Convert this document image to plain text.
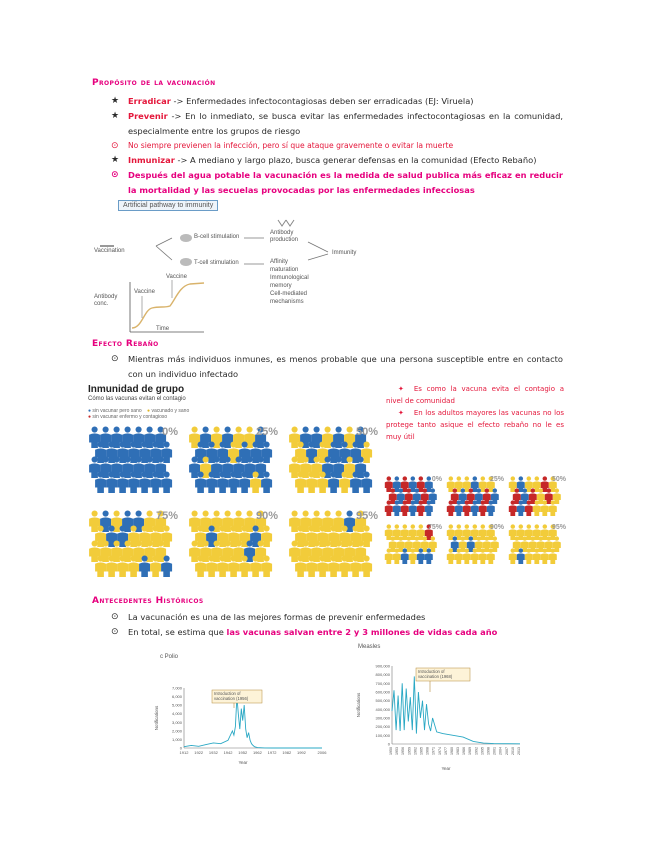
Propósito de la vacunación
★	Erradicar -> Enfermedades infectocontagiosas deben ser erradicadas (EJ: Viruela)
★	Prevenir -> En lo inmediato, se busca evitar las enfermedades infectocontagiosas en la comunidad, especialmente entre los grupos de riesgo
⊙	No siempre previenen la infección, pero sí que ataque gravemente o evitar la muerte
★	Inmunizar -> A mediano y largo plazo, busca generar defensas en la comunidad (Efecto Rebaño)
⊙	Después del agua potable la vacunación es la medida de salud publica más eficaz en reducir la mortalidad y las secuelas provocadas por las enfermedades infecciosas
Artificial pathway to immunity
Vaccination
B-cell stimulation
T-cell stimulation
Antibody
production
Immunity
Affinity
maturation
Immunological
memory
Cell-mediated
mechanisms
Antibody
conc.
Time
Vaccine
Vaccine
Efecto Rebaño
⊙	Mientras más individuos inmunes, es menos probable que una persona susceptible entre en contacto con un individuo infectado
Inmunidad de grupo
Cómo las vacunas evitan el contagio
● sin vacunar pero sano ● vacunado y sano
● sin vacunar enfermo y contagioso
0%	25%	50%
75%	90%	95%
✦ Es como la vacuna evita el contagio a nivel de comunidad
✦ En los adultos mayores las vacunas no los protege tanto asique el efecto rebaño no le es muy útil
0%	25%	50%
75%	90%	95%
Antecedentes Históricos
⊙	La vacunación es una de las mejores formas de prevenir enfermedades
⊙	En total, se estima que las vacunas salvan entre 2 y 3 millones de vidas cada año
c Polio
0
1,000
2,000
3,000
4,000
5,000
6,000
7,000
1912 1922 1932 1942 1952 1962 1972 1982 1992	2006
Notifications
Year
Introduction of
vaccination (1956)
Measles
0
100,000
200,000
300,000
400,000
500,000
600,000
700,000
800,000
900,000
1950 1953 1956 1959 1962 1965 1968 1971 1974 1977 1980 1983 1986 1989 1992 1995 1998 2001 2004 2007 2010 2013
Notifications
Year
Introduction of
vaccination (1968)
